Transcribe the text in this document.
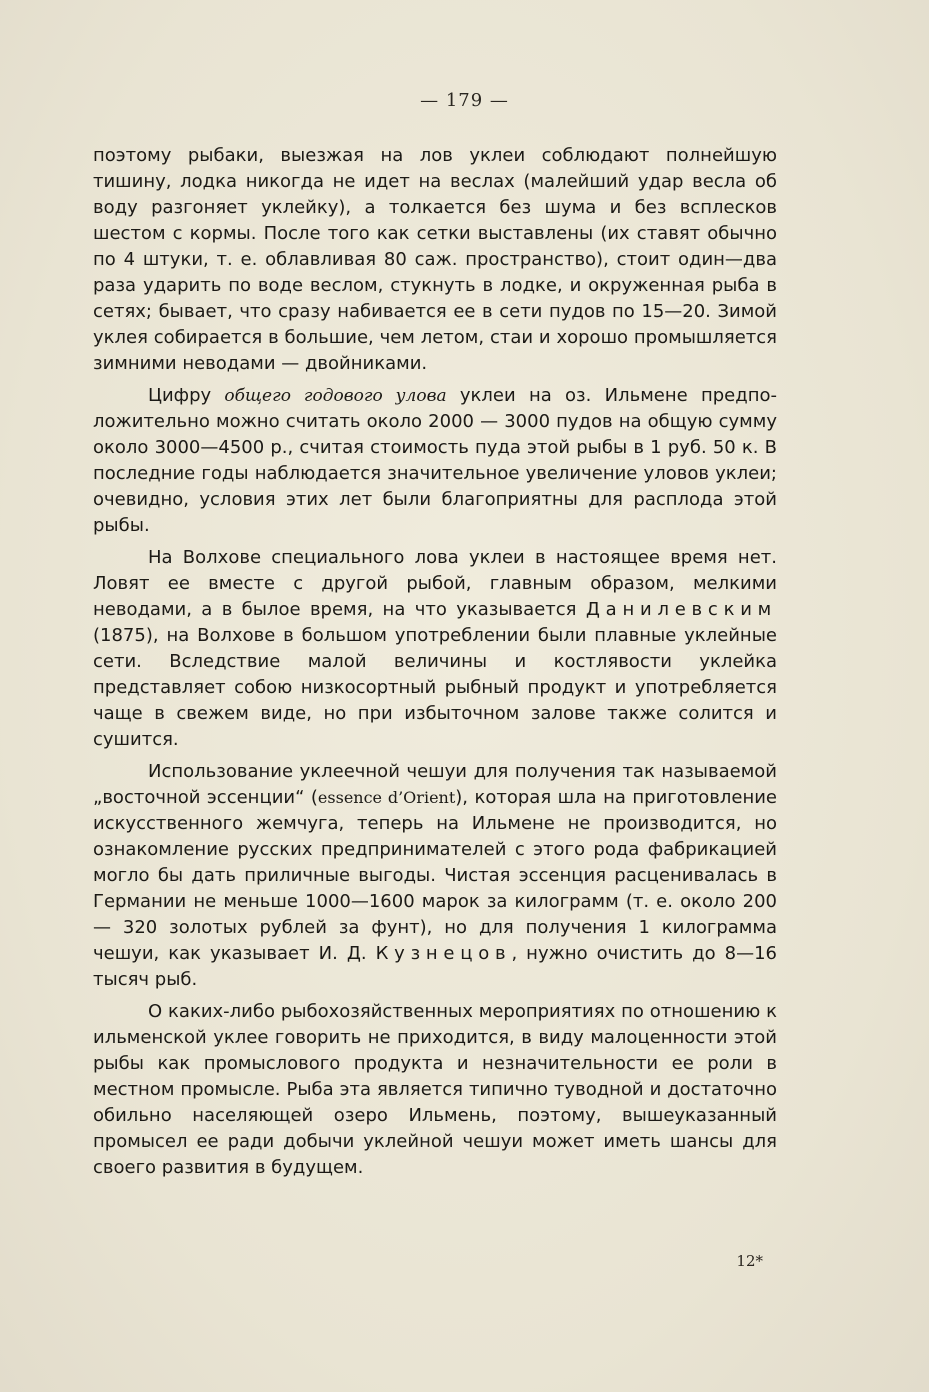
— 179 —

поэтому рыбаки, выезжая на лов уклеи соблюдают полнейшую тишину, лодка никогда не идет на веслах (малейший удар весла об воду разгоняет уклейку), а толкается без шума и без всплесков шестом с кормы. После того как сетки выставлены (их ставят обычно по 4 штуки, т. е. облавливая 80 саж. пространство), стоит один—два раза ударить по воде веслом, стукнуть в лодке, и окруженная рыба в сетях; бывает, что сразу набивается ее в сети пудов по 15—20. Зимой уклея собирается в большие, чем летом, стаи и хорошо промышляется зимними неводами — двойниками.

Цифру общего годового улова уклеи на оз. Ильмене предположительно можно считать около 2000 — 3000 пудов на общую сумму около 3000—4500 р., считая стоимость пуда этой рыбы в 1 руб. 50 к. В последние годы наблюдается значительное увеличение уловов уклеи; очевидно, условия этих лет были благоприятны для расплода этой рыбы.

На Волхове специального лова уклеи в настоящее время нет. Ловят ее вместе с другой рыбой, главным образом, мелкими неводами, а в былое время, на что указывается Данилевским (1875), на Волхове в большом употреблении были плавные уклейные сети. Вследствие малой величины и костлявости уклейка представляет собою низкосортный рыбный продукт и употребляется чаще в свежем виде, но при избыточном залове также солится и сушится.

Использование уклеечной чешуи для получения так называемой „восточной эссенции“ (essence d’Orient), которая шла на приготовление искусственного жемчуга, теперь на Ильмене не производится, но ознакомление русских предпринимателей с этого рода фабрикацией могло бы дать приличные выгоды. Чистая эссенция расценивалась в Германии не меньше 1000—1600 марок за килограмм (т. е. около 200 — 320 золотых рублей за фунт), но для получения 1 килограмма чешуи, как указывает И. Д. Кузнецов, нужно очистить до 8—16 тысяч рыб.

О каких-либо рыбохозяйственных мероприятиях по отношению к ильменской уклее говорить не приходится, в виду малоценности этой рыбы как промыслового продукта и незначительности ее роли в местном промысле. Рыба эта является типично туводной и достаточно обильно населяющей озеро Ильмень, поэтому, вышеуказанный промысел ее ради добычи уклейной чешуи может иметь шансы для своего развития в будущем.

12*
